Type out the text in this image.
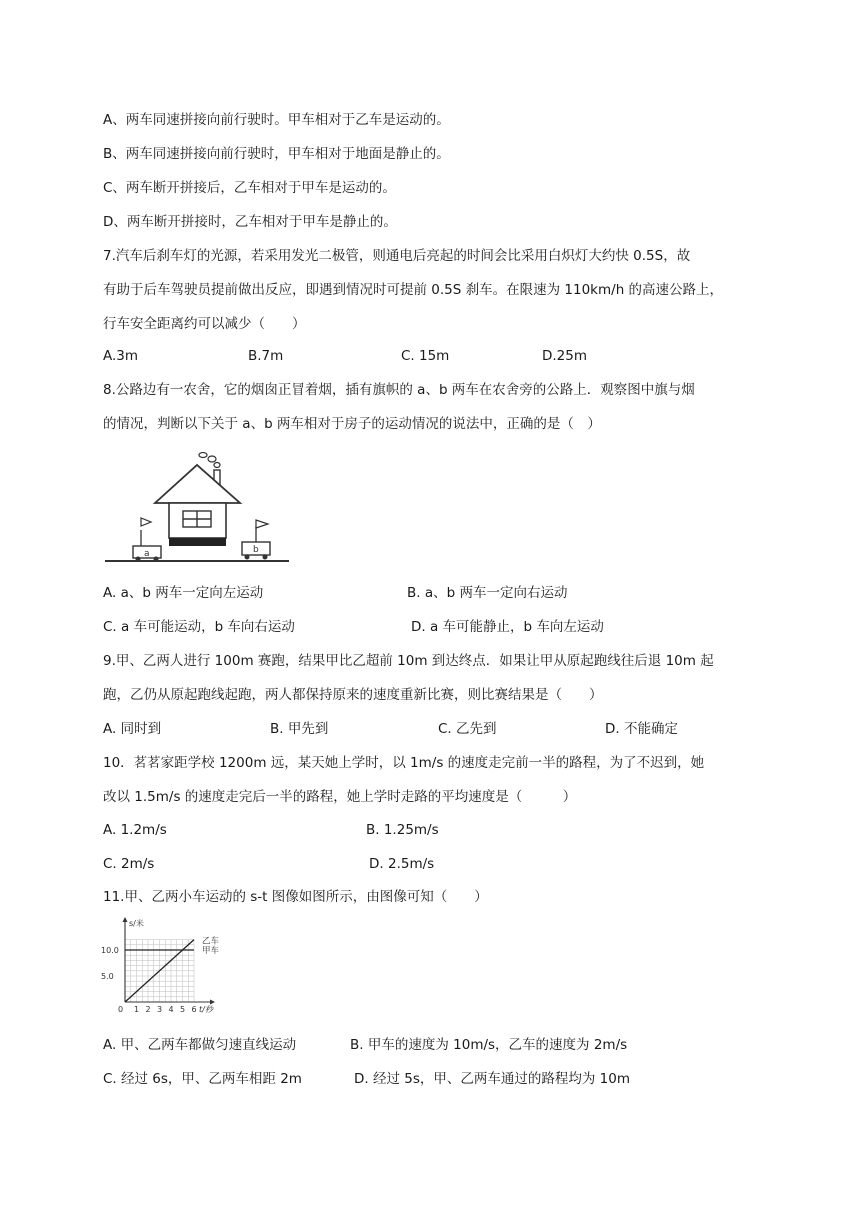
A、两车同速拼接向前行驶时。甲车相对于乙车是运动的。
B、两车同速拼接向前行驶时，甲车相对于地面是静止的。
C、两车断开拼接后，乙车相对于甲车是运动的。
D、两车断开拼接时，乙车相对于甲车是静止的。
7.汽车后刹车灯的光源，若采用发光二极管，则通电后亮起的时间会比采用白炽灯大约快 0.5S，故
有助于后车驾驶员提前做出反应，即遇到情况时可提前 0.5S 刹车。在限速为 110km/h 的高速公路上，
行车安全距离约可以减少（　　）
A.3m	B.7m	C. 15m	D.25m
8.公路边有一农舍，它的烟囱正冒着烟，插有旗帜的 a、b 两车在农舍旁的公路上．观察图中旗与烟
的情况，判断以下关于 a、b 两车相对于房子的运动情况的说法中，正确的是（　）
a	b
A. a、b 两车一定向左运动	B. a、b 两车一定向右运动
C. a 车可能运动，b 车向右运动	D. a 车可能静止，b 车向左运动
9.甲、乙两人进行 100m 赛跑，结果甲比乙超前 10m 到达终点．如果让甲从原起跑线往后退 10m 起
跑，乙仍从原起跑线起跑，两人都保持原来的速度重新比赛，则比赛结果是（　　）
A. 同时到	B. 甲先到	C. 乙先到	D. 不能确定
10．茗茗家距学校 1200m 远，某天她上学时，以 1m/s 的速度走完前一半的路程，为了不迟到，她
改以 1.5m/s 的速度走完后一半的路程，她上学时走路的平均速度是（　　　）
A. 1.2m/s	B. 1.25m/s
C. 2m/s	D. 2.5m/s
11.甲、乙两小车运动的 s-t 图像如图所示，由图像可知（　　）
s/米
t/秒
0 1 2 3 4 5 6
5.0
10.0
乙车
甲车
A. 甲、乙两车都做匀速直线运动	B. 甲车的速度为 10m/s，乙车的速度为 2m/s
C. 经过 6s，甲、乙两车相距 2m	D. 经过 5s，甲、乙两车通过的路程均为 10m
